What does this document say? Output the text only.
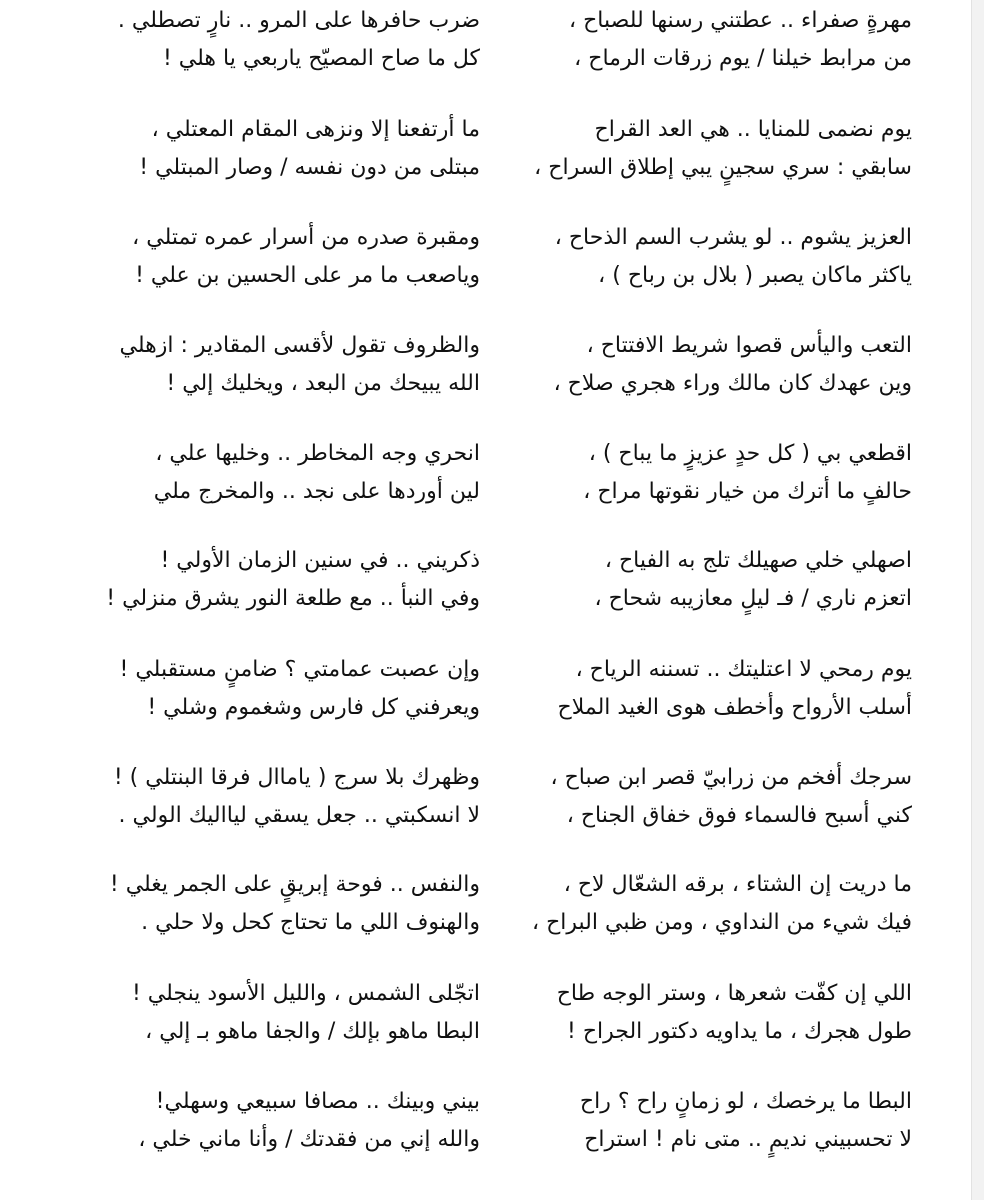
مهرةٍ صفراء .. عطتني رسنها للصباح ،
من مرابط خيلنا / يوم زرقات الرماح ،
ضرب حافرها على المرو .. نارٍ تصطلي .
كل ما صاح المصيّح ياربعي يا هلي !
يوم نضمى للمنايا .. هي العد القراح
سابقي : سري سجينٍ يبي إطلاق السراح ،
ما أرتفعنا إلا ونزهى المقام المعتلي ،
مبتلى من دون نفسه / وصار المبتلي !
العزيز يشوم .. لو يشرب السم الذحاح ،
ياكثر ماكان يصبر ( بلال بن رباح ) ،
ومقبرة صدره من أسرار عمره تمتلي ،
وياصعب ما مر على الحسين بن علي !
التعب واليأس قصوا شريط الافتتاح ،
وين عهدك كان مالك وراء هجري صلاح ،
والظروف تقول لأقسى المقادير : ازهلي
الله يبيحك من البعد ، ويخليك إلي !
اقطعي بي ( كل حدٍ عزيزٍ ما يباح ) ،
حالفٍ ما أترك من خيار نقوتها مراح ،
انحري وجه المخاطر .. وخليها علي ،
لين أوردها على نجد .. والمخرج ملي
اصهلي خلي صهيلك تلج به الفياح ،
اتعزم ناري / فـ ليلٍ معازيبه شحاح ،
ذكريني .. في سنين الزمان الأولي !
وفي النبأ .. مع طلعة النور يشرق منزلي !
يوم رمحي لا اعتليتك .. تسننه الرياح ،
أسلب الأرواح وأخطف هوى الغيد الملاح
وإن عصبت عمامتي ؟ ضامنٍ مستقبلي !
ويعرفني كل فارس وشغموم وشلي !
سرجك أفخم من زرابيّ قصر ابن صباح ،
كني أسبح فالسماء فوق خفاق الجناح ،
وظهرك بلا سرج ( ياماال فرقا البنتلي ) !
لا انسكبتي .. جعل يسقي ليااليك الولي .
ما دريت إن الشتاء ، برقه الشعّال لاح ،
فيك شيء من النداوي ، ومن ظبي البراح ،
والنفس .. فوحة إبريقٍ على الجمر يغلي !
والهنوف اللي ما تحتاج كحل ولا حلي .
اللي إن كفّت شعرها ، وستر الوجه طاح
طول هجرك ، ما يداويه دكتور الجراح !
اتجّلى الشمس ، والليل الأسود ينجلي !
البطا ماهو بإلك / والجفا ماهو بـ إلي ،
البطا ما يرخصك ، لو زمانٍ راح ؟ راح
لا تحسبيني نديمٍ .. متى نام ! استراح
بيني وبينك .. مصافا سبيعي وسهلي!
والله إني من فقدتك / وأنا ماني خلي ،
